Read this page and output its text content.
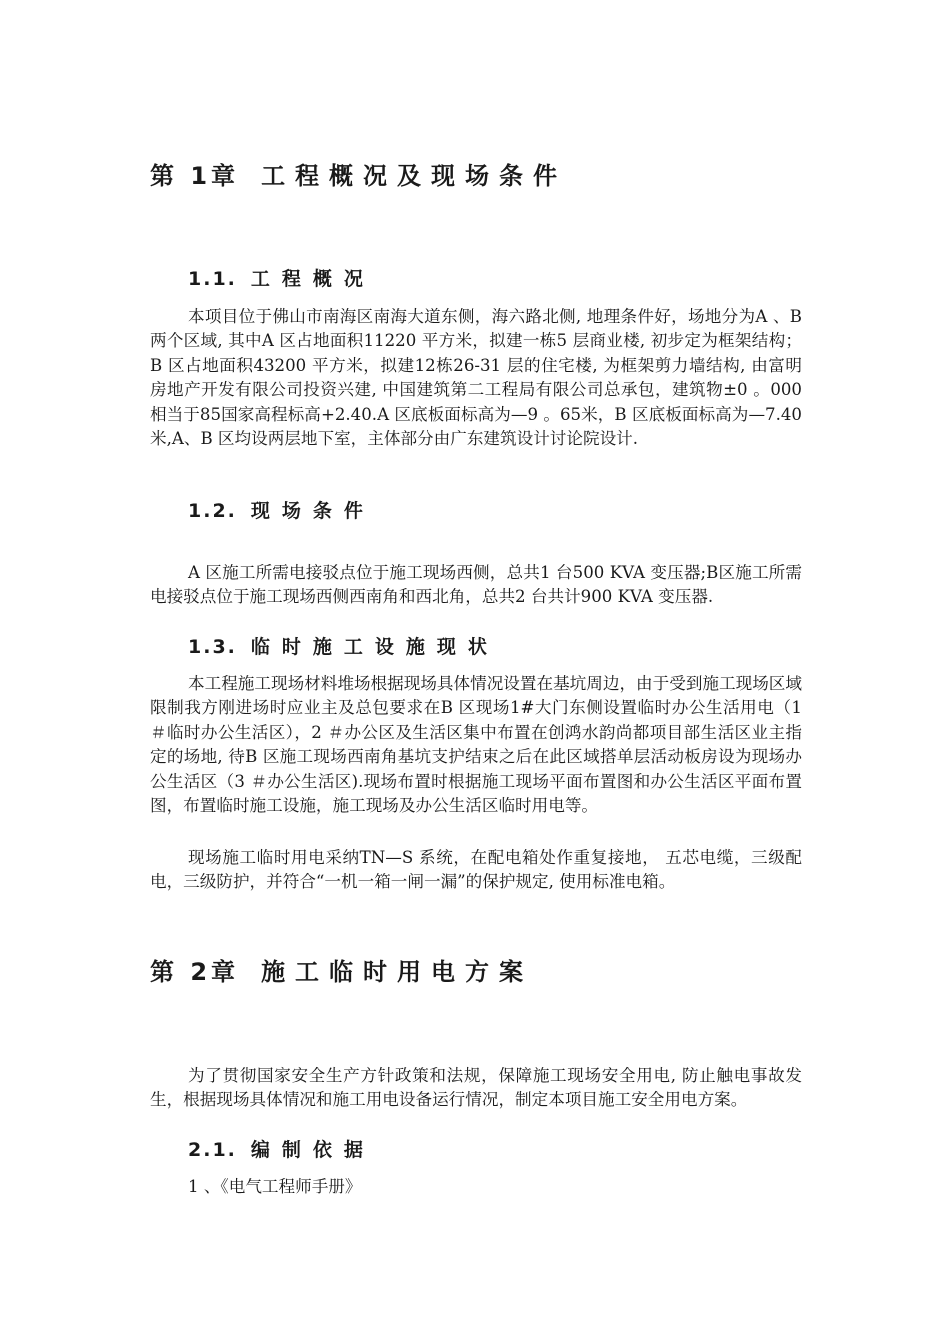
第 1章 工程概况及现场条件
1.1. 工程概况

本项目位于佛山市南海区南海大道东侧，海六路北侧, 地理条件好，场地分为A 、B 两个区域, 其中A 区占地面积11220 平方米，拟建一栋5 层商业楼, 初步定为框架结构；B 区占地面积43200 平方米，拟建12栋26-31 层的住宅楼, 为框架剪力墙结构, 由富明房地产开发有限公司投资兴建, 中国建筑第二工程局有限公司总承包，建筑物±0 。000 相当于85国家高程标高+2.40.A 区底板面标高为—9 。65米，B 区底板面标高为—7.40米,A、B 区均设两层地下室，主体部分由广东建筑设计讨论院设计.

1.2. 现场条件

A 区施工所需电接驳点位于施工现场西侧，总共1 台500 KVA 变压器;B区施工所需电接驳点位于施工现场西侧西南角和西北角，总共2 台共计900 KVA 变压器.

1.3. 临时施工设施现状

本工程施工现场材料堆场根据现场具体情况设置在基坑周边，由于受到施工现场区域限制我方刚进场时应业主及总包要求在B 区现场1#大门东侧设置临时办公生活用电（1 ＃临时办公生活区），2 ＃办公区及生活区集中布置在创鸿水韵尚都项目部生活区业主指定的场地, 待B 区施工现场西南角基坑支护结束之后在此区域搭单层活动板房设为现场办公生活区（3 ＃办公生活区).现场布置时根据施工现场平面布置图和办公生活区平面布置图，布置临时施工设施，施工现场及办公生活区临时用电等。

现场施工临时用电采纳TN—S 系统，在配电箱处作重复接地， 五芯电缆，三级配电，三级防护，并符合“一机一箱一闸一漏”的保护规定, 使用标准电箱。

第 2章 施工临时用电方案

为了贯彻国家安全生产方针政策和法规，保障施工现场安全用电, 防止触电事故发生，根据现场具体情况和施工用电设备运行情况，制定本项目施工安全用电方案。

2.1. 编制依据

1 、《电气工程师手册》
